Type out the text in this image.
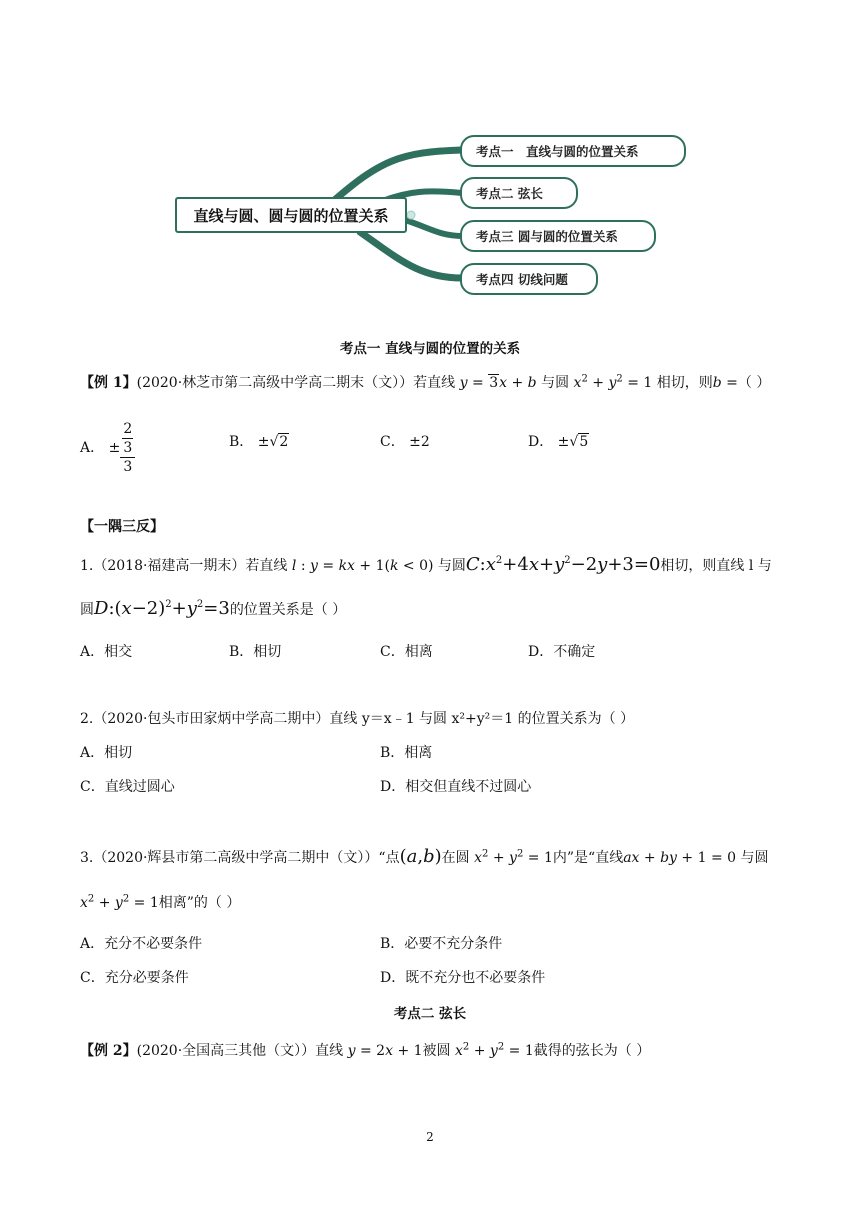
直线与圆、圆与圆的位置关系
考点一　直线与圆的位置关系
考点二 弦长
考点三 圆与圆的位置关系
考点四 切线问题
考点一 直线与圆的位置的关系
【例 1】(2020·林芝市第二高级中学高二期末（文））若直线 y = 3x + b 与圆 $x^2 + y^2 = 1$ 相切，则b =（ ）
A． ± 2
3
3	B． ±√2	C． ±2	D． ±√5
【一隅三反】
1.（2018·福建高一期末）若直线 l : y = kx + 1(k < 0) 与圆$C:x^2+4x+y^2-2y+3=0$相切，则直线 l 与
圆$D:(x-2)^2+y^2=3$的位置关系是（ ）
A．相交	B．相切	C．相离	D．不确定
2.（2020·包头市田家炳中学高二期中）直线 y＝x﹣1 与圆 x²+y²＝1 的位置关系为（ ）
A．相切	B．相离
C．直线过圆心	D．相交但直线不过圆心
3.（2020·辉县市第二高级中学高二期中（文））“点(a,b)在圆 $x^2 + y^2 = 1$内”是“直线ax + by + 1 = 0 与圆
$x^2 + y^2 = 1$相离”的（ ）
A．充分不必要条件	B．必要不充分条件
C．充分必要条件	D．既不充分也不必要条件
考点二 弦长
【例 2】(2020·全国高三其他（文））直线 y = 2x + 1被圆 $x^2 + y^2 = 1$截得的弦长为（ ）
2
